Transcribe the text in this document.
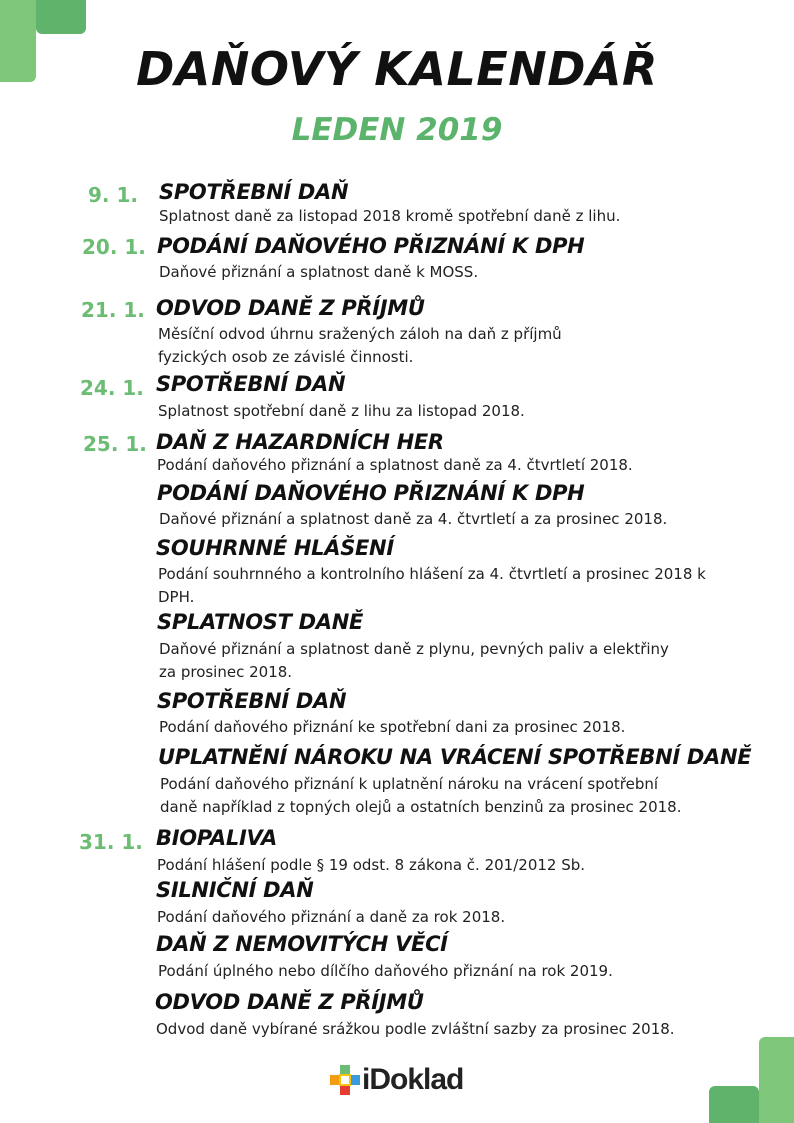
DAŇOVÝ KALENDÁŘ
LEDEN 2019
9. 1.
20. 1.
21. 1.
24. 1.
25. 1.
31. 1.
SPOTŘEBNÍ DAŇ
Splatnost daně za listopad 2018 kromě spotřební daně z lihu.
PODÁNÍ DAŇOVÉHO PŘIZNÁNÍ K DPH
Daňové přiznání a splatnost daně k MOSS.
ODVOD DANĚ Z PŘÍJMŮ
Měsíční odvod úhrnu sražených záloh na daň z příjmů
fyzických osob ze závislé činnosti.
SPOTŘEBNÍ DAŇ
Splatnost spotřební daně z lihu za listopad 2018.
DAŇ Z HAZARDNÍCH HER
Podání daňového přiznání a splatnost daně za 4. čtvrtletí 2018.
PODÁNÍ DAŇOVÉHO PŘIZNÁNÍ K DPH
Daňové přiznání a splatnost daně za 4. čtvrtletí a za prosinec 2018.
SOUHRNNÉ HLÁŠENÍ
Podání souhrnného a kontrolního hlášení za 4. čtvrtletí a prosinec 2018 k
DPH.
SPLATNOST DANĚ
Daňové přiznání a splatnost daně z plynu, pevných paliv a elektřiny
za prosinec 2018.
SPOTŘEBNÍ DAŇ
Podání daňového přiznání ke spotřební dani za prosinec 2018.
UPLATNĚNÍ NÁROKU NA VRÁCENÍ SPOTŘEBNÍ DANĚ
Podání daňového přiznání k uplatnění nároku na vrácení spotřební
daně například z topných olejů a ostatních benzinů za prosinec 2018.
BIOPALIVA
Podání hlášení podle § 19 odst. 8 zákona č. 201/2012 Sb.
SILNIČNÍ DAŇ
Podání daňového přiznání a daně za rok 2018.
DAŇ Z NEMOVITÝCH VĚCÍ
Podání úplného nebo dílčího daňového přiznání na rok 2019.
ODVOD DANĚ Z PŘÍJMŮ
Odvod daně vybírané srážkou podle zvláštní sazby za prosinec 2018.
iDoklad
